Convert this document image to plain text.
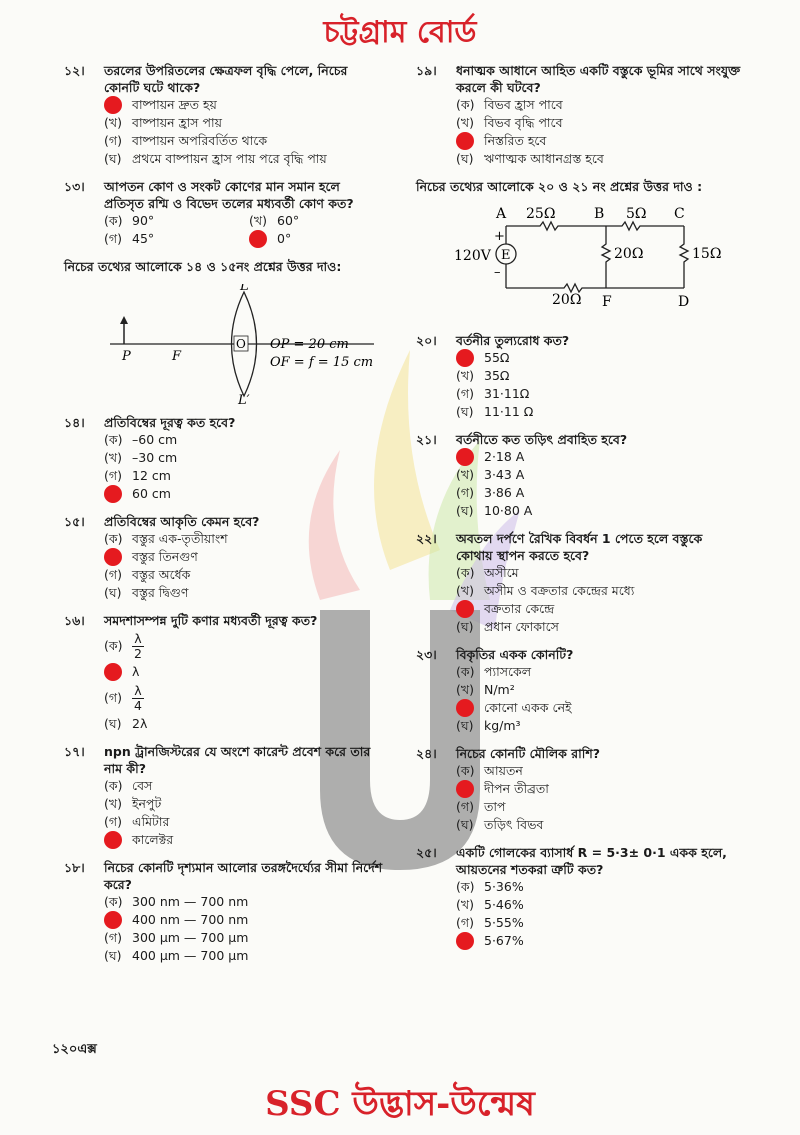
চট্টগ্রাম বোর্ড
১২।	তরলের উপরিতলের ক্ষেত্রফল বৃদ্ধি পেলে, নিচের কোনটি ঘটে থাকে?
বাষ্পায়ন দ্রুত হয়
(খ) বাষ্পায়ন হ্রাস পায়
(গ) বাষ্পায়ন অপরিবর্তিত থাকে
(ঘ) প্রথমে বাষ্পায়ন হ্রাস পায় পরে বৃদ্ধি পায়
১৩।	আপতন কোণ ও সংকট কোণের মান সমান হলে প্রতিসৃত রশ্মি ও বিভেদ তলের মধ্যবর্তী কোণ কত?
(ক) 90°	(খ) 60°
(গ) 45°	0°
নিচের তথ্যের আলোকে ১৪ ও ১৫নং প্রশ্নের উত্তর দাও:
L
L′
P	F
O OP = 20 cm
OF = f = 15 cm
১৪।	প্রতিবিম্বের দূরত্ব কত হবে?
(ক) –60 cm
(খ) –30 cm
(গ) 12 cm
60 cm
১৫।	প্রতিবিম্বের আকৃতি কেমন হবে?
(ক) বস্তুর এক-তৃতীয়াংশ
বস্তুর তিনগুণ
(গ) বস্তুর অর্ধেক
(ঘ) বস্তুর দ্বিগুণ
১৬।	সমদশাসম্পন্ন দুটি কণার মধ্যবর্তী দূরত্ব কত?
(ক) $\frac{\lambda}{2}$
λ
(গ) $\frac{\lambda}{4}$
(ঘ) 2λ
১৭।	npn ট্রানজিস্টরের যে অংশে কারেন্ট প্রবেশ করে তার নাম কী?
(ক) বেস
(খ) ইনপুট
(গ) এমিটার
কালেক্টর
১৮।	নিচের কোনটি দৃশ্যমান আলোর তরঙ্গদৈর্ঘ্যের সীমা নির্দেশ করে?
(ক) 300 nm — 700 nm
400 nm — 700 nm
(গ) 300 μm — 700 μm
(ঘ) 400 μm — 700 μm
১৯।	ধনাত্মক আধানে আহিত একটি বস্তুকে ভূমির সাথে সংযুক্ত করলে কী ঘটবে?
(ক) বিভব হ্রাস পাবে
(খ) বিভব বৃদ্ধি পাবে
নিস্তরিত হবে
(ঘ) ঋণাত্মক আধানগ্রস্ত হবে
নিচের তথ্যের আলোকে ২০ ও ২১ নং প্রশ্নের উত্তর দাও :
A	B	C
25Ω	5Ω
E
+
–
120V
20Ω
20Ω	15Ω
F	D
২০।	বর্তনীর তুল্যরোধ কত?
55Ω
(খ) 35Ω
(গ) 31·11Ω
(ঘ) 11·11 Ω
২১।	বর্তনীতে কত তড়িৎ প্রবাহিত হবে?
2·18 A
(খ) 3·43 A
(গ) 3·86 A
(ঘ) 10·80 A
২২।	অবতল দর্পণে রৈখিক বিবর্ধন 1 পেতে হলে বস্তুকে কোথায় স্থাপন করতে হবে?
(ক) অসীমে
(খ) অসীম ও বক্রতার কেন্দ্রের মধ্যে
বক্রতার কেন্দ্রে
(ঘ) প্রধান ফোকাসে
২৩।	বিকৃতির একক কোনটি?
(ক) প্যাসকেল
(খ) N/m²
কোনো একক নেই
(ঘ) kg/m³
২৪।	নিচের কোনটি মৌলিক রাশি?
(ক) আয়তন
দীপন তীব্রতা
(গ) তাপ
(ঘ) তড়িৎ বিভব
২৫।	একটি গোলকের ব্যাসার্ধ R = 5·3± 0·1 একক হলে, আয়তনের শতকরা ত্রুটি কত?
(ক) 5·36%
(খ) 5·46%
(গ) 5·55%
5·67%
১২০এক্স
SSC উদ্ভাস-উন্মেষ
